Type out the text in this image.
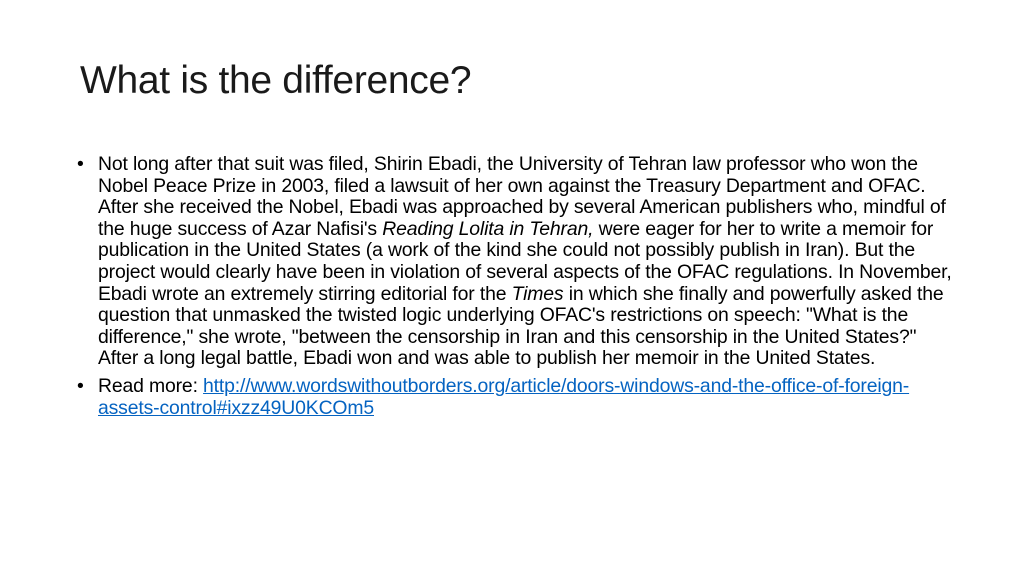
What is the difference?
• Not long after that suit was filed, Shirin Ebadi, the University of Tehran law professor who won the Nobel Peace Prize in 2003, filed a lawsuit of her own against the Treasury Department and OFAC. After she received the Nobel, Ebadi was approached by several American publishers who, mindful of the huge success of Azar Nafisi's Reading Lolita in Tehran, were eager for her to write a memoir for publication in the United States (a work of the kind she could not possibly publish in Iran). But the project would clearly have been in violation of several aspects of the OFAC regulations. In November, Ebadi wrote an extremely stirring editorial for the Times in which she finally and powerfully asked the question that unmasked the twisted logic underlying OFAC's restrictions on speech: "What is the difference," she wrote, "between the censorship in Iran and this censorship in the United States?" After a long legal battle, Ebadi won and was able to publish her memoir in the United States.
• Read more: http://www.wordswithoutborders.org/article/doors-windows-and-the-office-of-foreign-assets-control#ixzz49U0KCOm5
